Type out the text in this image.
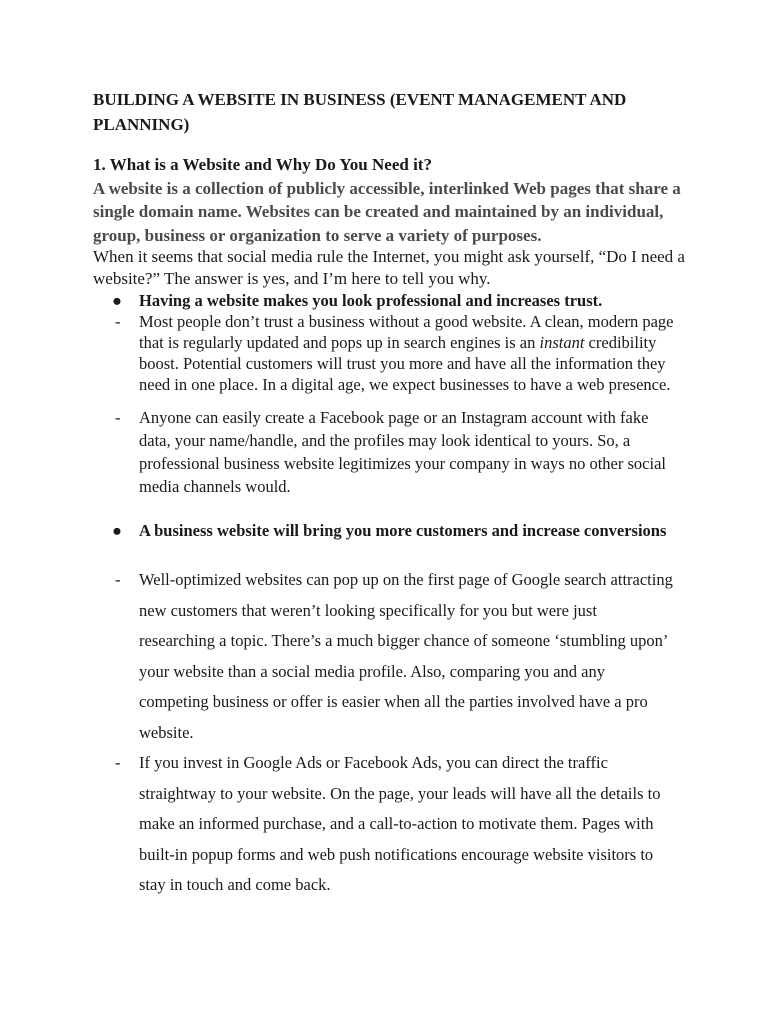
BUILDING A WEBSITE IN BUSINESS (EVENT MANAGEMENT AND PLANNING)
1. What is a Website and Why Do You Need it?

A website is a collection of publicly accessible, interlinked Web pages that share a single domain name. Websites can be created and maintained by an individual, group, business or organization to serve a variety of purposes.

When it seems that social media rule the Internet, you might ask yourself, “Do I need a website?” The answer is yes, and I’m here to tell you why.

●	Having a website makes you look professional and increases trust.
- Most people don’t trust a business without a good website. A clean, modern page that is regularly updated and pops up in search engines is an instant credibility boost. Potential customers will trust you more and have all the information they need in one place. In a digital age, we expect businesses to have a web presence.
- Anyone can easily create a Facebook page or an Instagram account with fake data, your name/handle, and the profiles may look identical to yours. So, a professional business website legitimizes your company in ways no other social media channels would.
●	A business website will bring you more customers and increase conversions
- Well-optimized websites can pop up on the first page of Google search attracting new customers that weren’t looking specifically for you but were just researching a topic. There’s a much bigger chance of someone ‘stumbling upon’ your website than a social media profile. Also, comparing you and any competing business or offer is easier when all the parties involved have a pro website.
- If you invest in Google Ads or Facebook Ads, you can direct the traffic straightway to your website. On the page, your leads will have all the details to make an informed purchase, and a call-to-action to motivate them. Pages with built-in popup forms and web push notifications encourage website visitors to stay in touch and come back.
